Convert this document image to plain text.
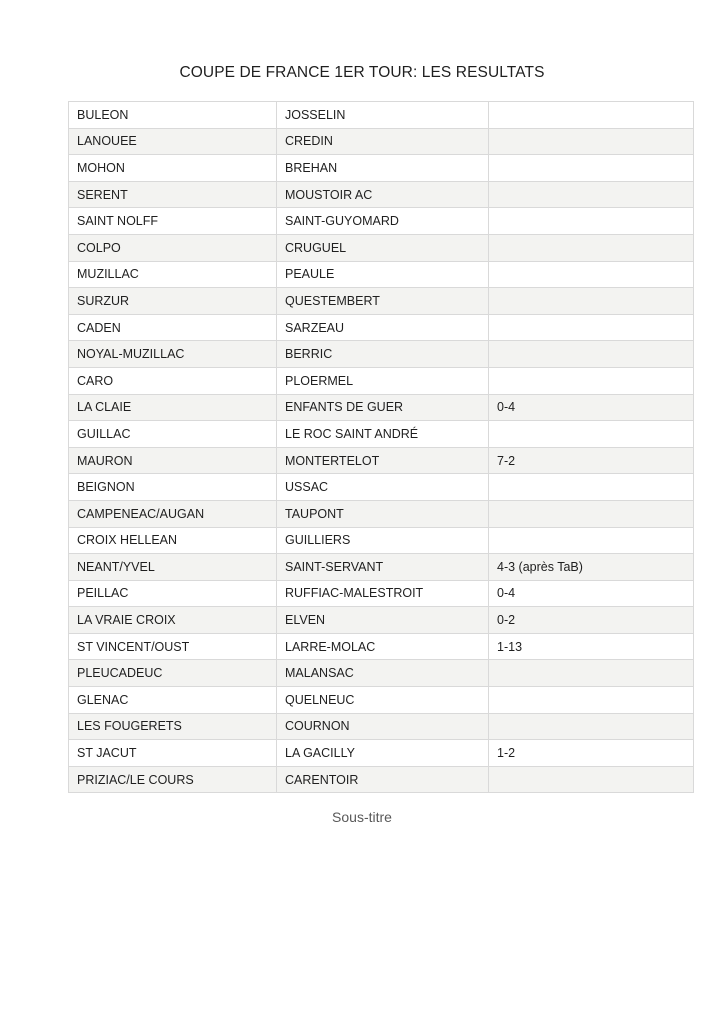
COUPE DE FRANCE 1ER TOUR: LES RESULTATS
BULEON	JOSSELIN	
LANOUEE	CREDIN	
MOHON	BREHAN	
SERENT	MOUSTOIR AC	
SAINT NOLFF	SAINT-GUYOMARD	
COLPO	CRUGUEL	
MUZILLAC	PEAULE	
SURZUR	QUESTEMBERT	
CADEN	SARZEAU	
NOYAL-MUZILLAC	BERRIC	
CARO	PLOERMEL	
LA CLAIE	ENFANTS DE GUER	0-4
GUILLAC	LE ROC SAINT ANDRÉ	
MAURON	MONTERTELOT	7-2
BEIGNON	USSAC	
CAMPENEAC/AUGAN	TAUPONT	
CROIX HELLEAN	GUILLIERS	
NEANT/YVEL	SAINT-SERVANT	4-3 (après TaB)
PEILLAC	RUFFIAC-MALESTROIT	0-4
LA VRAIE CROIX	ELVEN	0-2
ST VINCENT/OUST	LARRE-MOLAC	1-13
PLEUCADEUC	MALANSAC	
GLENAC	QUELNEUC	
LES FOUGERETS	COURNON	
ST JACUT	LA GACILLY	1-2
PRIZIAC/LE COURS	CARENTOIR	
Sous-titre
